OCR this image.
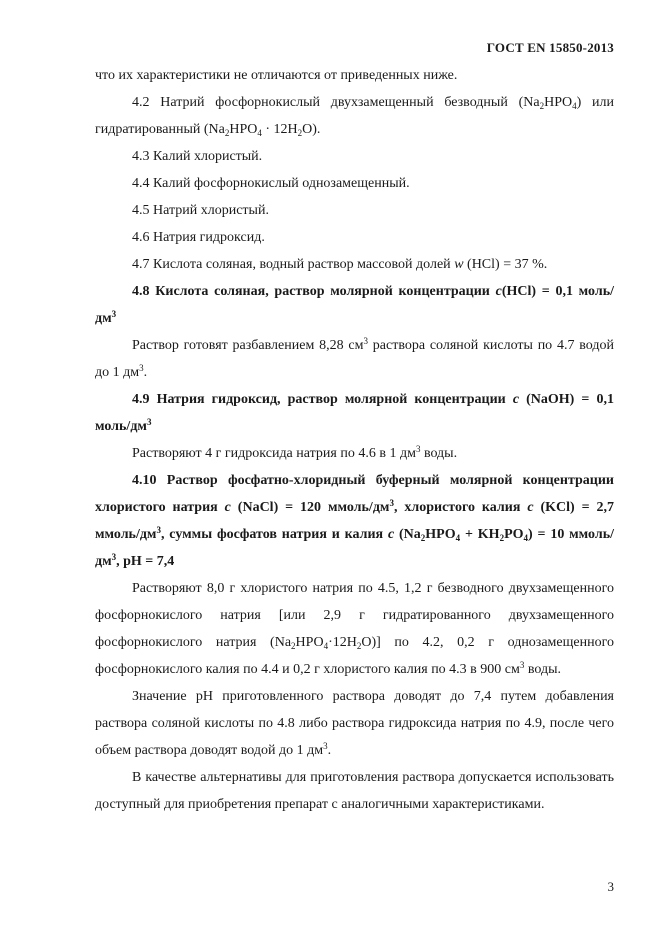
ГОСТ EN 15850-2013

что их характеристики не отличаются от приведенных ниже.

4.2 Натрий фосфорнокислый двухзамещенный безводный $(Na_2HPO_4)$ или гидратированный $(Na_2HPO_4 \cdot 12H_2O)$.

4.3 Калий хлористый.

4.4 Калий фосфорнокислый однозамещенный.

4.5 Натрий хлористый.

4.6 Натрия гидроксид.

4.7 Кислота соляная, водный раствор массовой долей w (HCl) = 37 %.

4.8 Кислота соляная, раствор молярной концентрации c(HCl) = 0,1 моль/$дм^3$

Раствор готовят разбавлением 8,28 $см^3$ раствора соляной кислоты по 4.7 водой до 1 $дм^3$.

4.9 Натрия гидроксид, раствор молярной концентрации c (NaOH) = 0,1 моль/$дм^3$

Растворяют 4 г гидроксида натрия по 4.6 в 1 $дм^3$ воды.

4.10 Раствор фосфатно-хлоридный буферный молярной концентрации хлористого натрия c (NaCl) = 120 ммоль/$дм^3$, хлористого калия c (KCl) = 2,7 ммоль/$дм^3$, суммы фосфатов натрия и калия c $(Na_2HPO_4 + KH_2PO_4) = 10$ ммоль/$дм^3$, pH = 7,4

Растворяют 8,0 г хлористого натрия по 4.5, 1,2 г безводного двухзамещенного фосфорнокислого натрия [или 2,9 г гидратированного двухзамещенного фосфорнокислого натрия $(Na_2HPO_4\cdot 12H_2O)$] по 4.2, 0,2 г однозамещенного фосфорнокислого калия по 4.4 и 0,2 г хлористого калия по 4.3 в 900 $см^3$ воды.

Значение pH приготовленного раствора доводят до 7,4 путем добавления раствора соляной кислоты по 4.8 либо раствора гидроксида натрия по 4.9, после чего объем раствора доводят водой до 1 $дм^3$.

В качестве альтернативы для приготовления раствора допускается использовать доступный для приобретения препарат с аналогичными характеристиками.

3
